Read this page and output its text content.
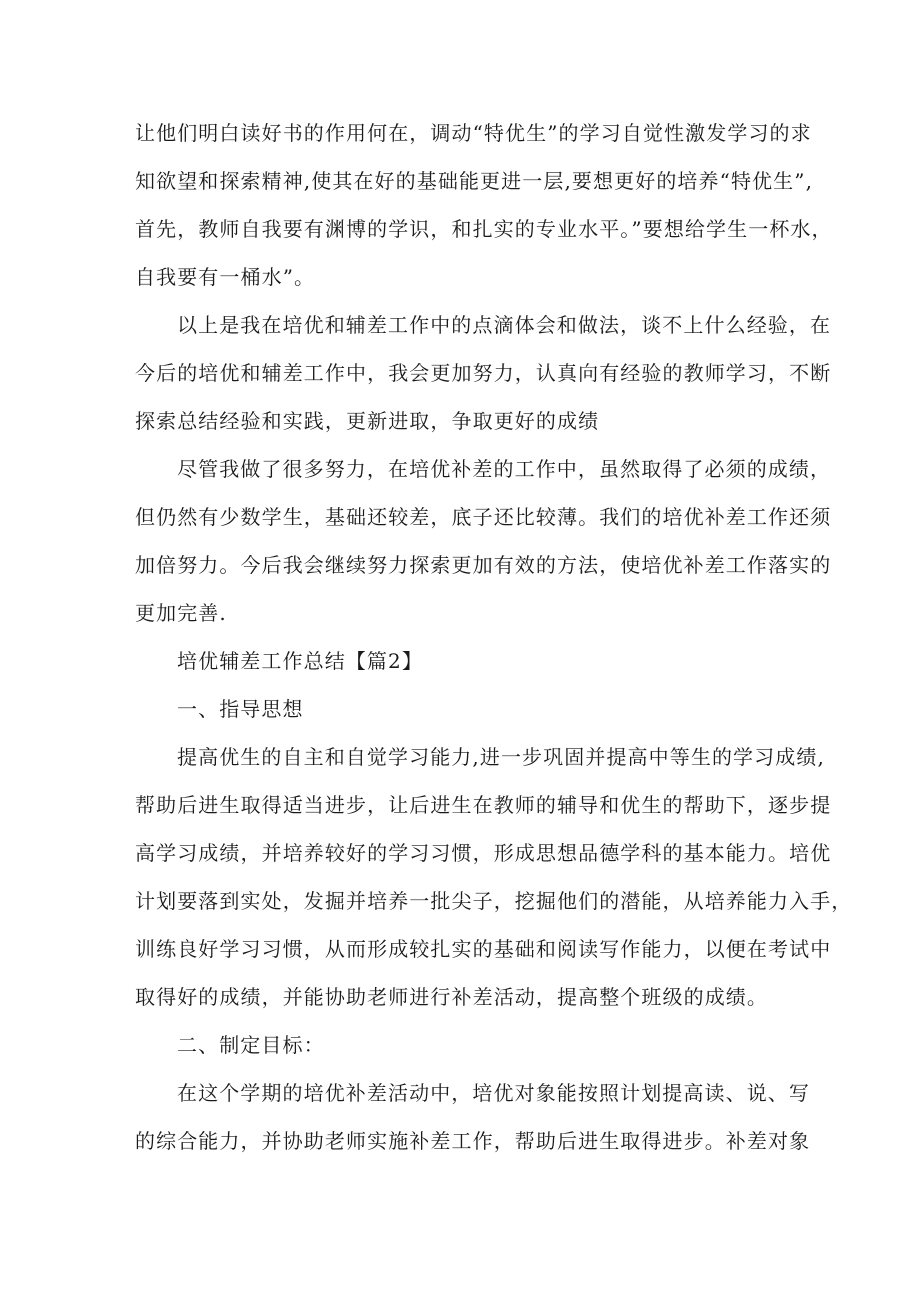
让他们明白读好书的作用何在，调动“特优生”的学习自觉性激发学习的求
知欲望和探索精神,使其在好的基础能更进一层,要想更好的培养“特优生”,
首先，教师自我要有渊博的学识，和扎实的专业水平。”要想给学生一杯水，
自我要有一桶水”。
以上是我在培优和辅差工作中的点滴体会和做法，谈不上什么经验，在
今后的培优和辅差工作中，我会更加努力，认真向有经验的教师学习，不断
探索总结经验和实践，更新进取，争取更好的成绩
尽管我做了很多努力，在培优补差的工作中，虽然取得了必须的成绩，
但仍然有少数学生，基础还较差，底子还比较薄。我们的培优补差工作还须
加倍努力。今后我会继续努力探索更加有效的方法，使培优补差工作落实的
更加完善.
培优辅差工作总结【篇2】
一、指导思想
提高优生的自主和自觉学习能力,进一步巩固并提高中等生的学习成绩,
帮助后进生取得适当进步，让后进生在教师的辅导和优生的帮助下，逐步提
高学习成绩，并培养较好的学习习惯，形成思想品德学科的基本能力。培优
计划要落到实处，发掘并培养一批尖子，挖掘他们的潜能，从培养能力入手，
训练良好学习习惯，从而形成较扎实的基础和阅读写作能力，以便在考试中
取得好的成绩，并能协助老师进行补差活动，提高整个班级的成绩。
二、制定目标：
在这个学期的培优补差活动中，培优对象能按照计划提高读、说、写
的综合能力，并协助老师实施补差工作，帮助后进生取得进步。补差对象
